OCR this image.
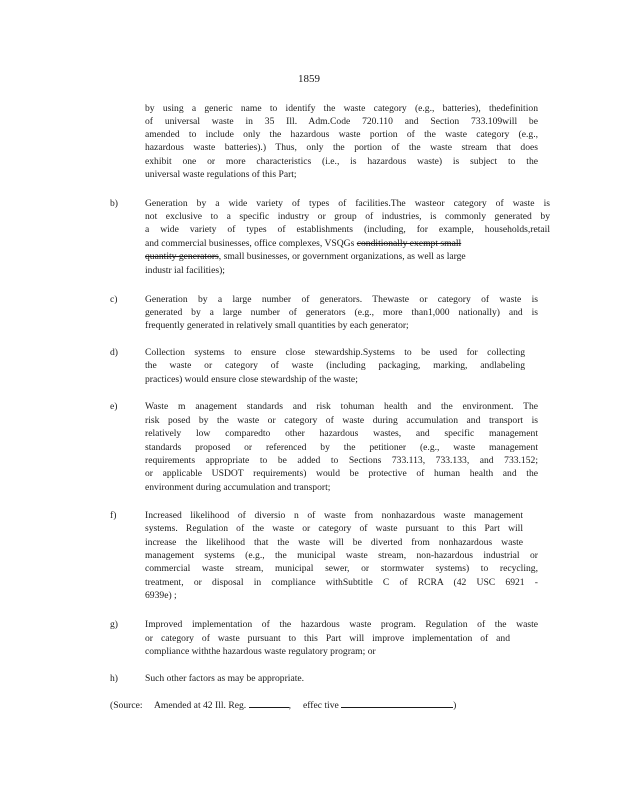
1859
by using a generic name to identify the waste category (e.g., batteries), thedefinition
of universal waste in 35 Ill. Adm.Code 720.110 and Section 733.109will be
amended to include only the hazardous waste portion of the waste category (e.g.,
hazardous waste batteries).) Thus, only the portion of the waste stream that does
exhibit one or more characteristics (i.e., is hazardous waste) is subject to the
universal waste regulations of this Part;
b)	Generation by a wide variety of types of facilities.The wasteor category of waste is
not exclusive to a specific industry or group of industries, is commonly generated by
a wide variety of types of establishments (including, for example, households,retail
and commercial businesses, office complexes, VSQGs conditionally exempt small
quantity generators, small businesses, or government organizations, as well as large
industr ial facilities);
c)	Generation by a large number of generators. Thewaste or category of waste is
generated by a large number of generators (e.g., more than1,000 nationally) and is
frequently generated in relatively small quantities by each generator;
d)	Collection systems to ensure close stewardship.Systems to be used for collecting
the waste or category of waste (including packaging, marking, andlabeling
practices) would ensure close stewardship of the waste;
e)	Waste m anagement standards and risk tohuman health and the environment. The
risk posed by the waste or category of waste during accumulation and transport is
relatively low comparedto other hazardous wastes, and specific management
standards proposed or referenced by the petitioner (e.g., waste management
requirements appropriate to be added to Sections 733.113, 733.133, and 733.152;
or applicable USDOT requirements) would be protective of human health and the
environment during accumulation and transport;
f)	Increased likelihood of diversio n of waste from nonhazardous waste management
systems. Regulation of the waste or category of waste pursuant to this Part will
increase the likelihood that the waste will be diverted from nonhazardous waste
management systems (e.g., the municipal waste stream, non-hazardous industrial or
commercial waste stream, municipal sewer, or stormwater systems) to recycling,
treatment, or disposal in compliance withSubtitle C of RCRA (42 USC 6921 -
6939e) ;
g)	Improved implementation of the hazardous waste program. Regulation of the waste
or category of waste pursuant to this Part will improve implementation of and
compliance withthe hazardous waste regulatory program; or
h)	Such other factors as may be appropriate.
(Source: Amended at 42 Ill. Reg.	,     effec tive	)
